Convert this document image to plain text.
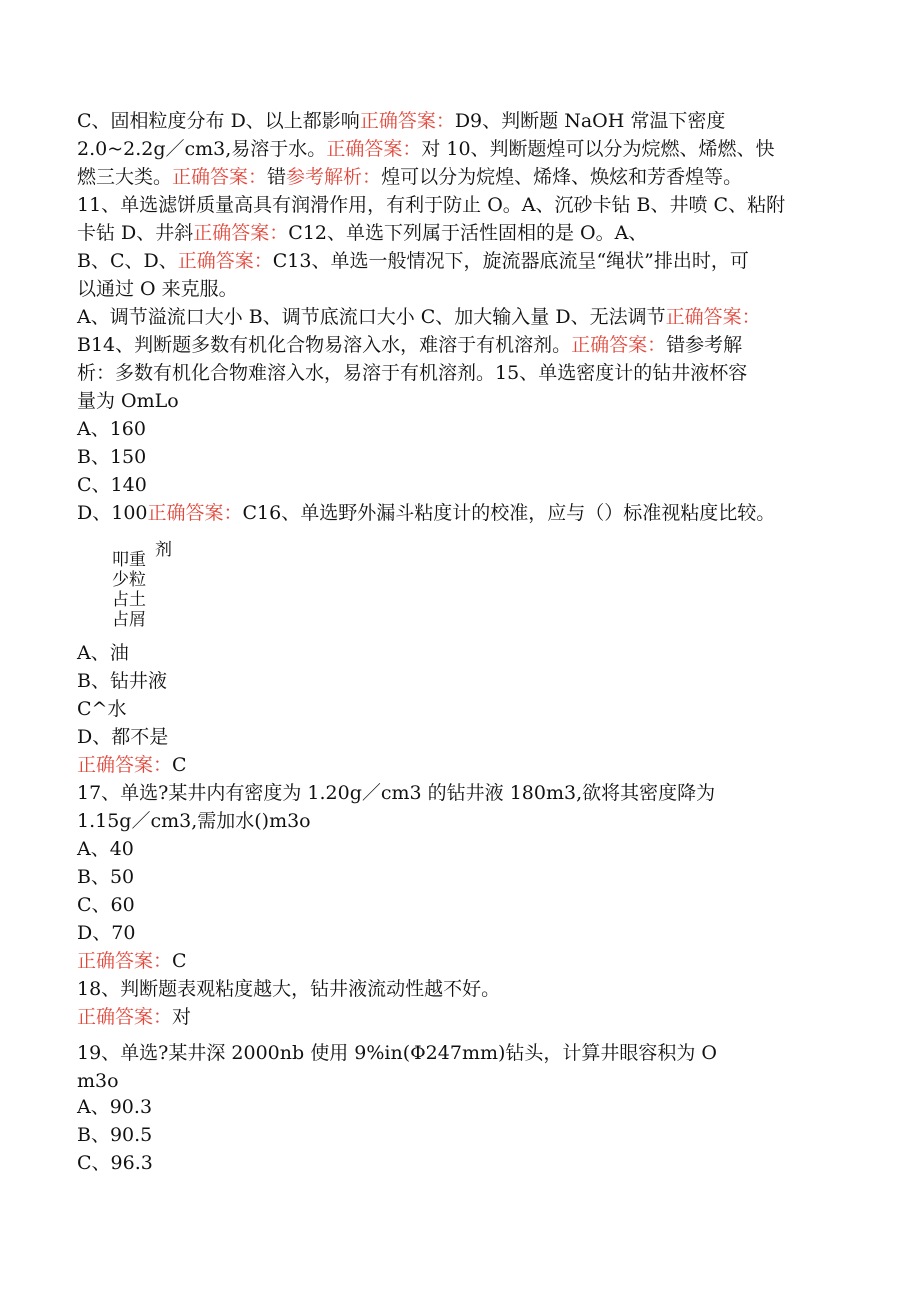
C、固相粒度分布 D、以上都影响正确答案：D9、判断题 NaOH 常温下密度
2.0~2.2g／cm3,易溶于水。正确答案：对 10、判断题煌可以分为烷燃、烯燃、快
燃三大类。正确答案：错参考解析：煌可以分为烷煌、烯烽、焕炫和芳香煌等。
11、单选滤饼质量高具有润滑作用，有利于防止 O。A、沉砂卡钻 B、井喷 C、粘附
卡钻 D、井斜正确答案：C12、单选下列属于活性固相的是 O。A、
B、C、D、正确答案：C13、单选一般情况下，旋流器底流呈“绳状”排出时，可
以通过 O 来克服。
A、调节溢流口大小 B、调节底流口大小 C、加大输入量 D、无法调节正确答案：
B14、判断题多数有机化合物易溶入水，难溶于有机溶剂。正确答案：错参考解
析：多数有机化合物难溶入水，易溶于有机溶剂。15、单选密度计的钻井液杯容
量为 OmLo
A、160
B、150
C、140
D、100正确答案：C16、单选野外漏斗粘度计的校准，应与（）标准视粘度比较。
A、油
B、钻井液
C^水
D、都不是
正确答案：C
17、单选?某井内有密度为 1.20g／cm3 的钻井液 180m3,欲将其密度降为
1.15g／cm3,需加水()m3o
A、40
B、50
C、60
D、70
正确答案：C
18、判断题表观粘度越大，钻井液流动性越不好。
正确答案：对
19、单选?某井深 2000nb 使用 9%in(Φ247mm)钻头，计算井眼容积为 O
m3o
A、90.3
B、90.5
C、96.3
剂
叩重
少粒
占土
占屑
